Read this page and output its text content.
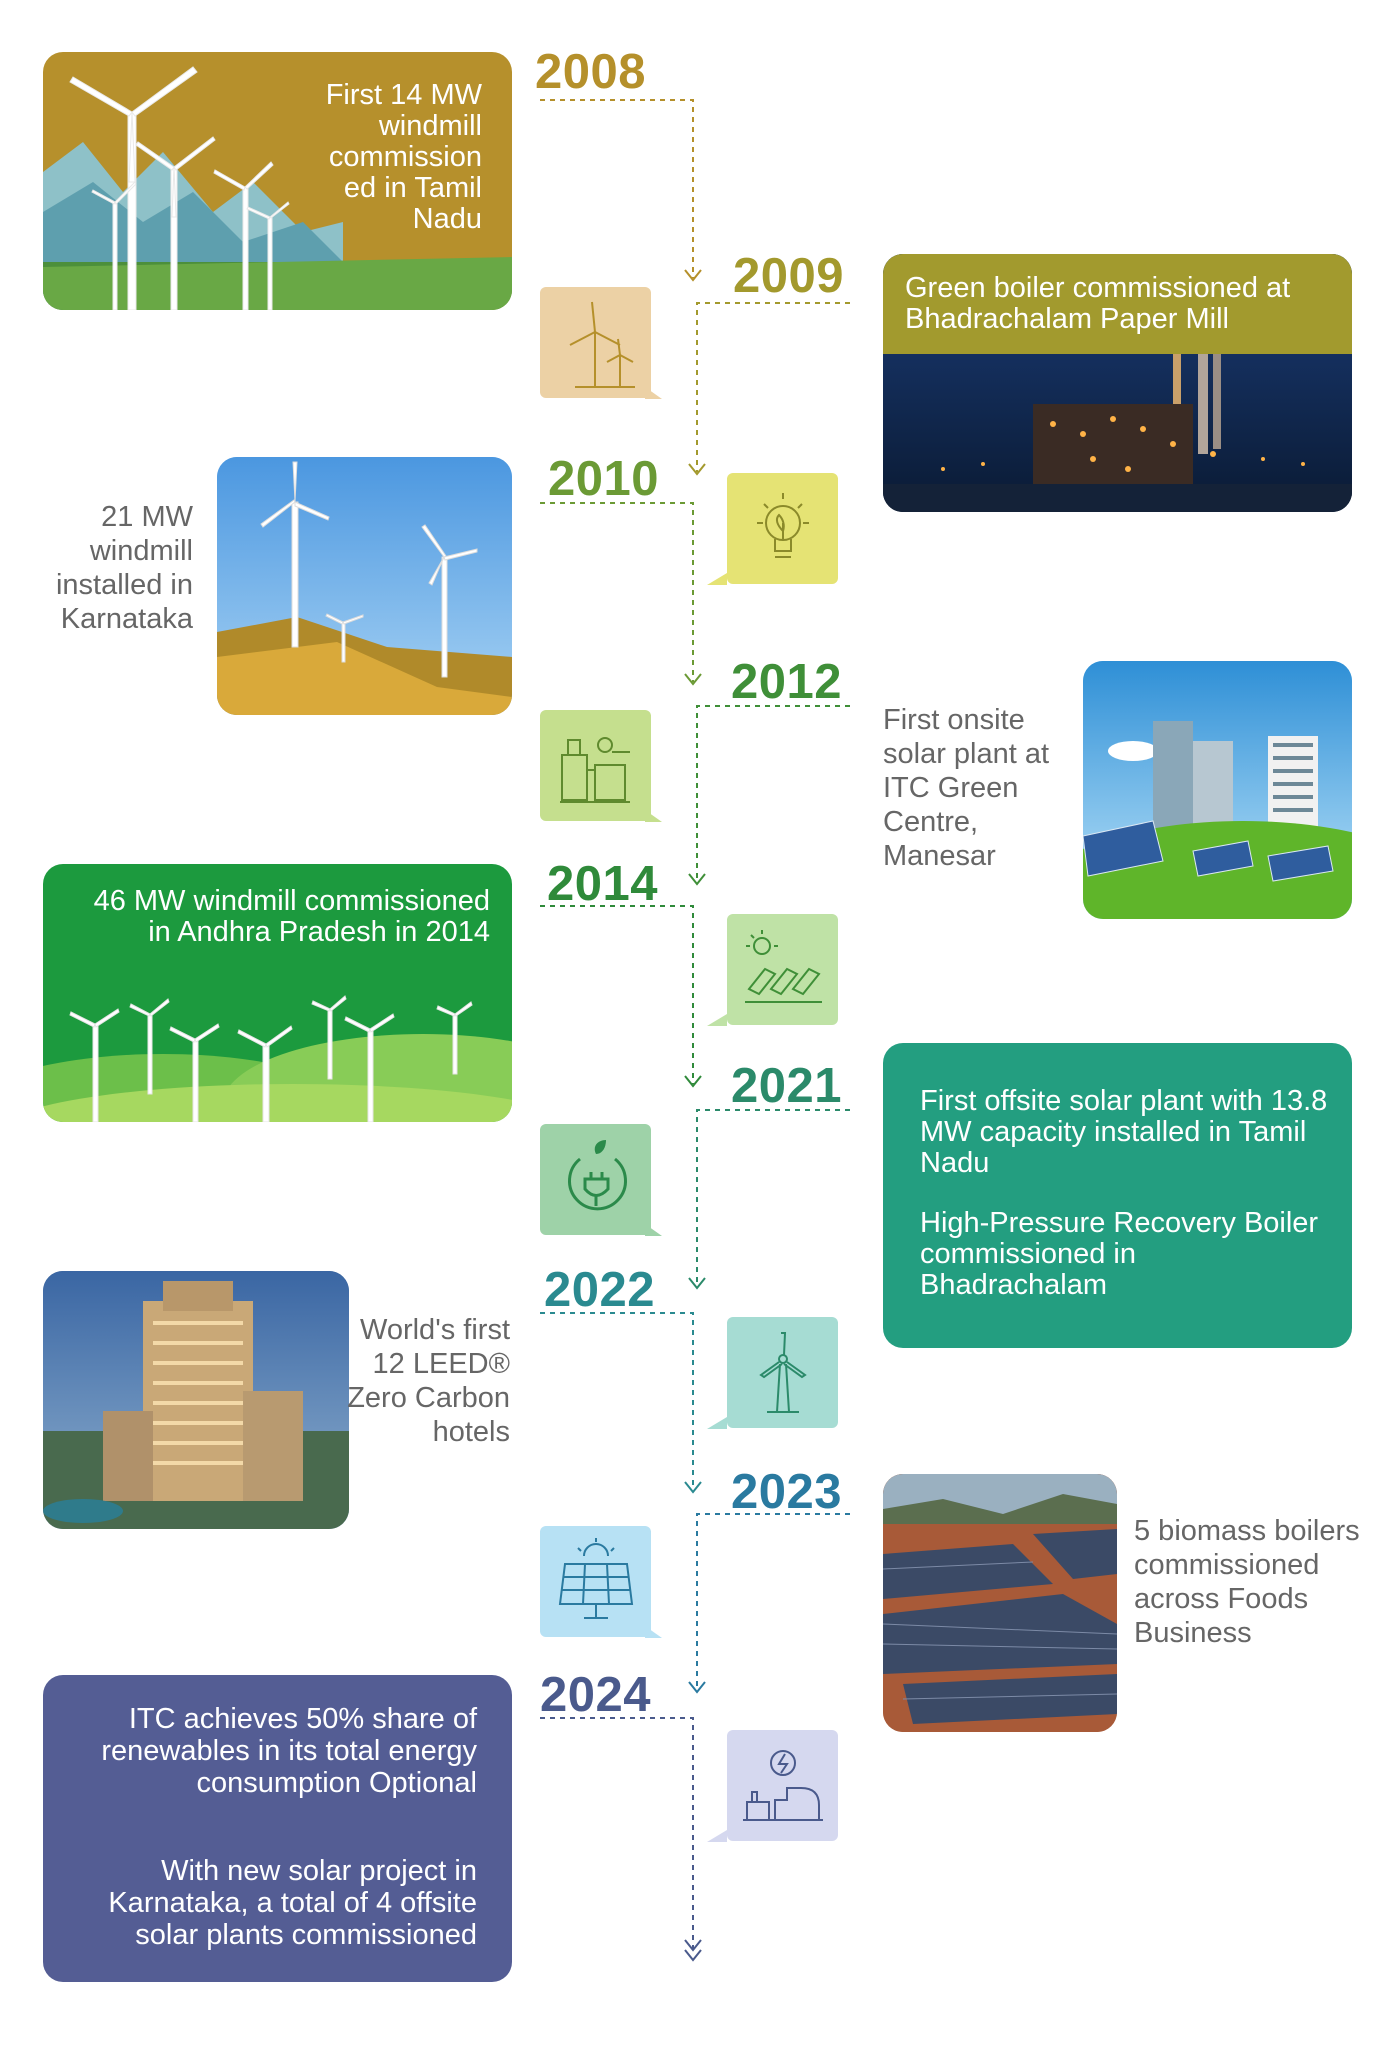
2008
2009
2010
2012
2014
2021
2022
2023
2024
First 14 MW windmill commission ed in Tamil Nadu
Green boiler commissioned at Bhadrachalam Paper Mill
21 MW windmill installed in Karnataka
First onsite solar plant at ITC Green Centre, Manesar
46 MW windmill commissioned in Andhra Pradesh in 2014
First offsite solar plant with 13.8 MW capacity installed in Tamil Nadu
High-Pressure Recovery Boiler commissioned in Bhadrachalam
World's first 12 LEED® Zero Carbon hotels
5 biomass boilers commissioned across Foods Business
ITC achieves 50% share of renewables in its total energy consumption Optional
With new solar project in Karnataka, a total of 4 offsite solar plants commissioned
